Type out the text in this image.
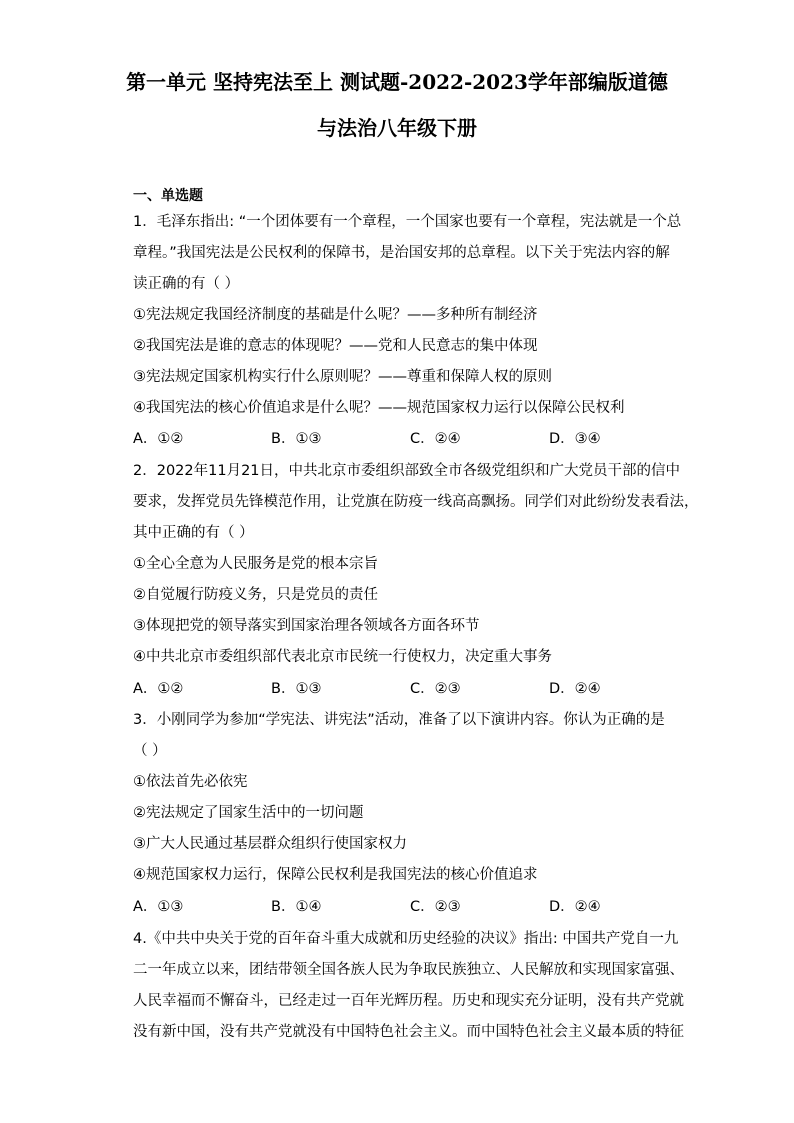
第一单元 坚持宪法至上 测试题-2022-2023学年部编版道德
与法治八年级下册
一、单选题
1．毛泽东指出: “一个团体要有一个章程，一个国家也要有一个章程，宪法就是一个总
章程。”我国宪法是公民权利的保障书，是治国安邦的总章程。以下关于宪法内容的解
读正确的有（ ）
①宪法规定我国经济制度的基础是什么呢？——多种所有制经济
②我国宪法是谁的意志的体现呢？——党和人民意志的集中体现
③宪法规定国家机构实行什么原则呢？——尊重和保障人权的原则
④我国宪法的核心价值追求是什么呢？——规范国家权力运行以保障公民权利
A．①②	B．①③	C．②④	D．③④
2．2022年11月21日，中共北京市委组织部致全市各级党组织和广大党员干部的信中
要求，发挥党员先锋模范作用，让党旗在防疫一线高高飘扬。同学们对此纷纷发表看法，
其中正确的有（ ）
①全心全意为人民服务是党的根本宗旨
②自觉履行防疫义务，只是党员的责任
③体现把党的领导落实到国家治理各领域各方面各环节
④中共北京市委组织部代表北京市民统一行使权力，决定重大事务
A．①②	B．①③	C．②③	D．②④
3．小刚同学为参加“学宪法、讲宪法”活动，准备了以下演讲内容。你认为正确的是
（ ）
①依法首先必依宪
②宪法规定了国家生活中的一切问题
③广大人民通过基层群众组织行使国家权力
④规范国家权力运行，保障公民权利是我国宪法的核心价值追求
A．①③	B．①④	C．②③	D．②④
4.《中共中央关于党的百年奋斗重大成就和历史经验的决议》指出: 中国共产党自一九
二一年成立以来，团结带领全国各族人民为争取民族独立、人民解放和实现国家富强、
人民幸福而不懈奋斗，已经走过一百年光辉历程。历史和现实充分证明，没有共产党就
没有新中国，没有共产党就没有中国特色社会主义。而中国特色社会主义最本质的特征
